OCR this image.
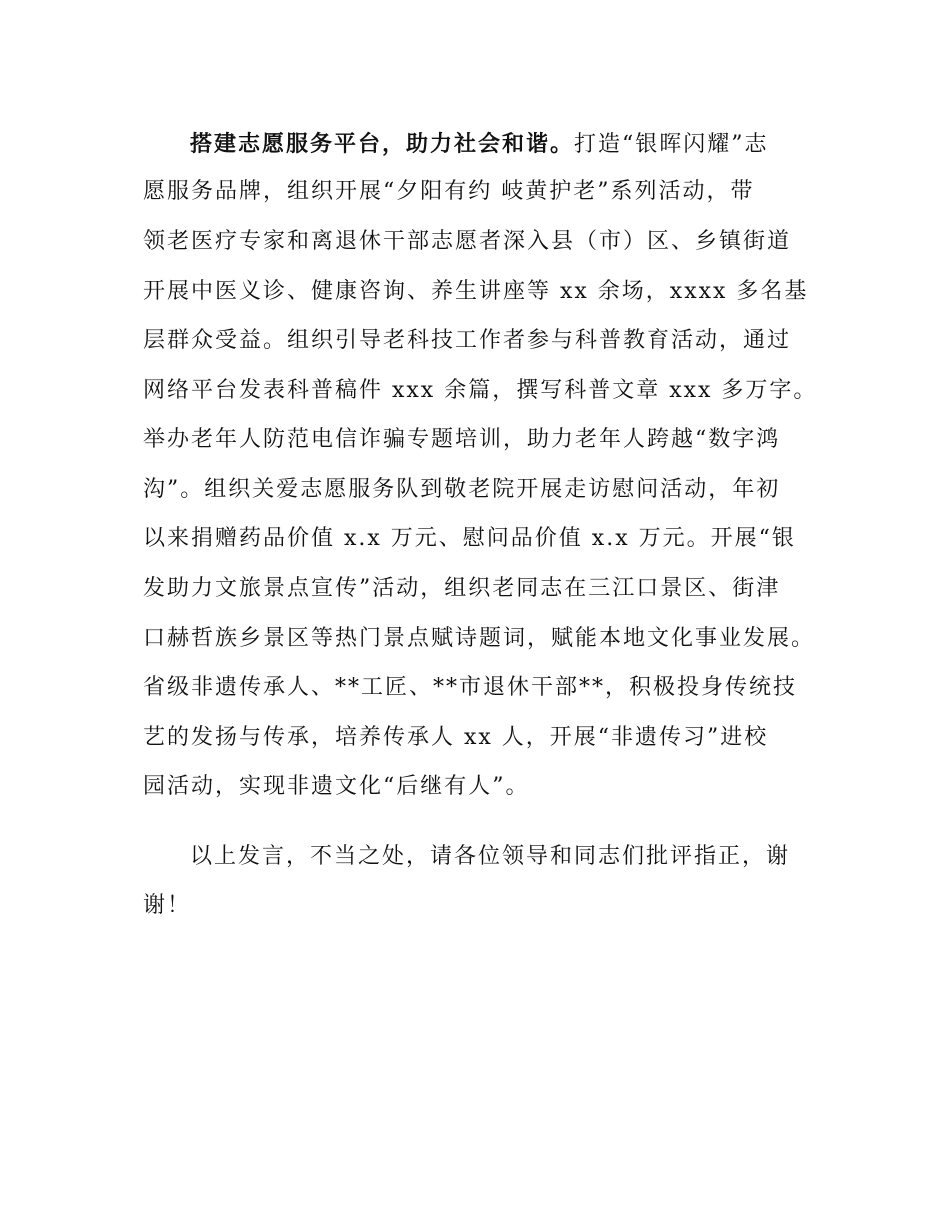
搭建志愿服务平台，助力社会和谐。打造“银晖闪耀”志
愿服务品牌，组织开展“夕阳有约 岐黄护老”系列活动，带
领老医疗专家和离退休干部志愿者深入县（市）区、乡镇街道
开展中医义诊、健康咨询、养生讲座等 xx 余场，xxxx 多名基
层群众受益。组织引导老科技工作者参与科普教育活动，通过
网络平台发表科普稿件 xxx 余篇，撰写科普文章 xxx 多万字。
举办老年人防范电信诈骗专题培训，助力老年人跨越“数字鸿
沟”。组织关爱志愿服务队到敬老院开展走访慰问活动，年初
以来捐赠药品价值 x.x 万元、慰问品价值 x.x 万元。开展“银
发助力文旅景点宣传”活动，组织老同志在三江口景区、街津
口赫哲族乡景区等热门景点赋诗题词，赋能本地文化事业发展。
省级非遗传承人、**工匠、**市退休干部**，积极投身传统技
艺的发扬与传承，培养传承人 xx 人，开展“非遗传习”进校
园活动，实现非遗文化“后继有人”。
以上发言，不当之处，请各位领导和同志们批评指正，谢
谢！
